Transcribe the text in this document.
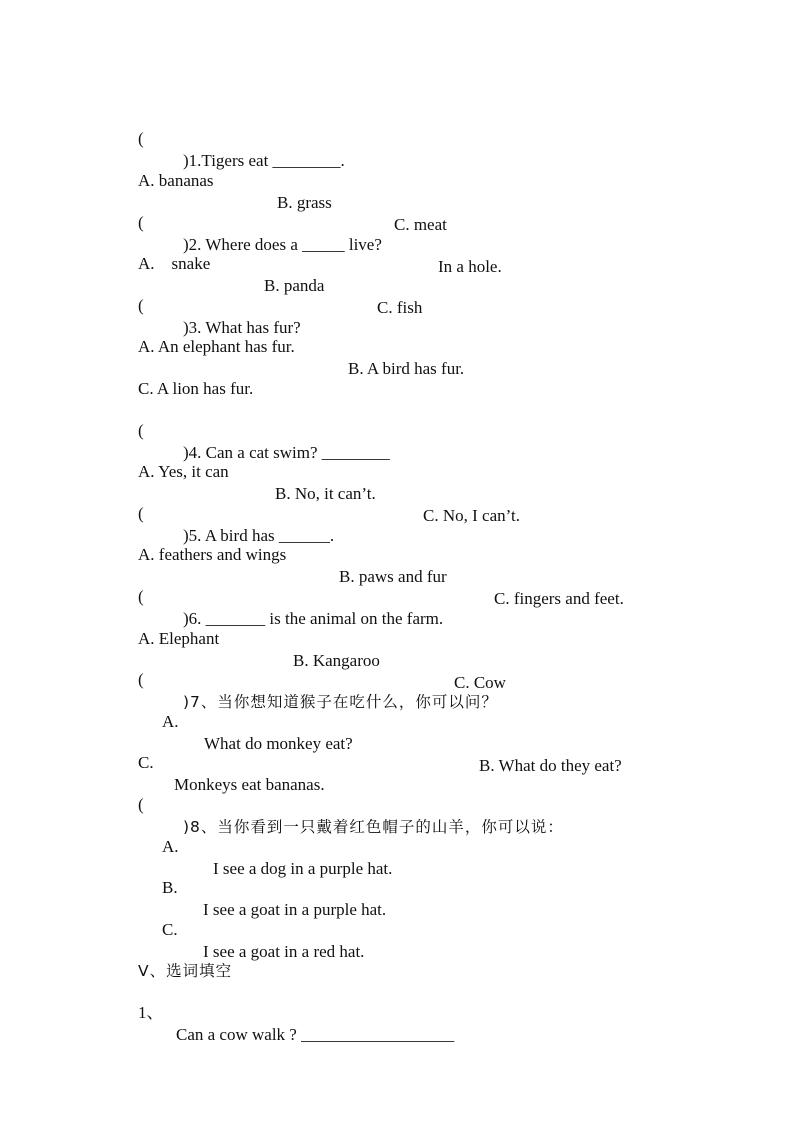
(

)1.Tigers eat ________.

A. bananas

B. grass

C. meat

(

)2. Where does a _____ live?

In a hole.

A.    snake

B. panda

C. fish

(

)3. What has fur?

A. An elephant has fur.

B. A bird has fur.

C. A lion has fur.

(

)4. Can a cat swim? ________

A. Yes, it can

B. No, it can’t.

C. No, I can’t.

(

)5. A bird has ______.

A. feathers and wings

B. paws and fur

C. fingers and feet.

(

)6. _______ is the animal on the farm.

A. Elephant

B. Kangaroo

C. Cow

(

)7、当你想知道猴子在吃什么，你可以问？

A.

What do monkey eat?

B. What do they eat?

C.

Monkeys eat bananas.

(

)8、当你看到一只戴着红色帽子的山羊，你可以说：

A.

I see a dog in a purple hat.

B.

I see a goat in a purple hat.

C.

I see a goat in a red hat.

V、选词填空

1、

Can a cow walk ? __________________
